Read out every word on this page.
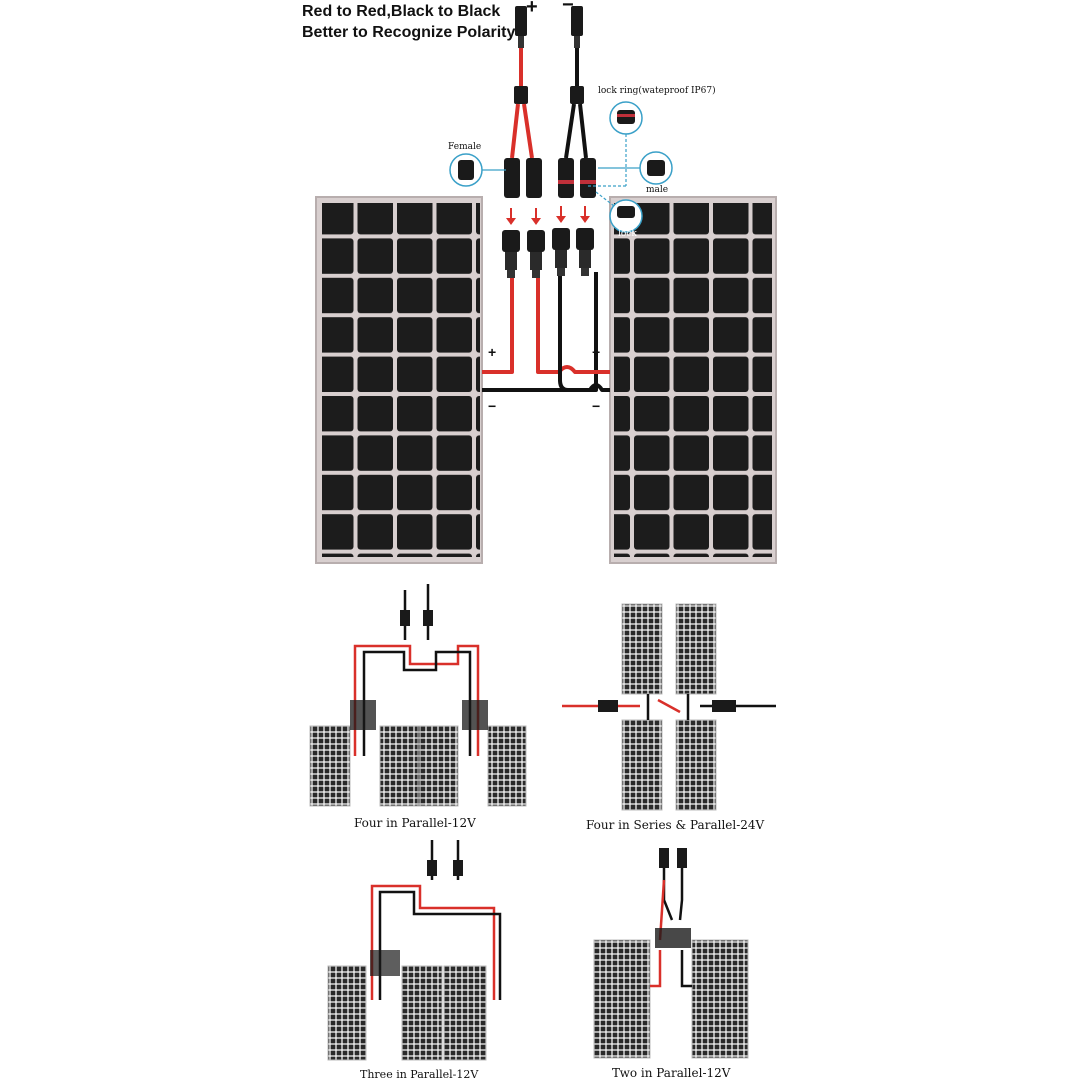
Red to Red,Black to Black
Better to Recognize Polarity
+ −
+
−
+
−
Female
lock ring(wateproof IP67)
male
lock
Four in Parallel-12V	Four in Series & Parallel-24V
Three in Parallel-12V	Two in Parallel-12V
